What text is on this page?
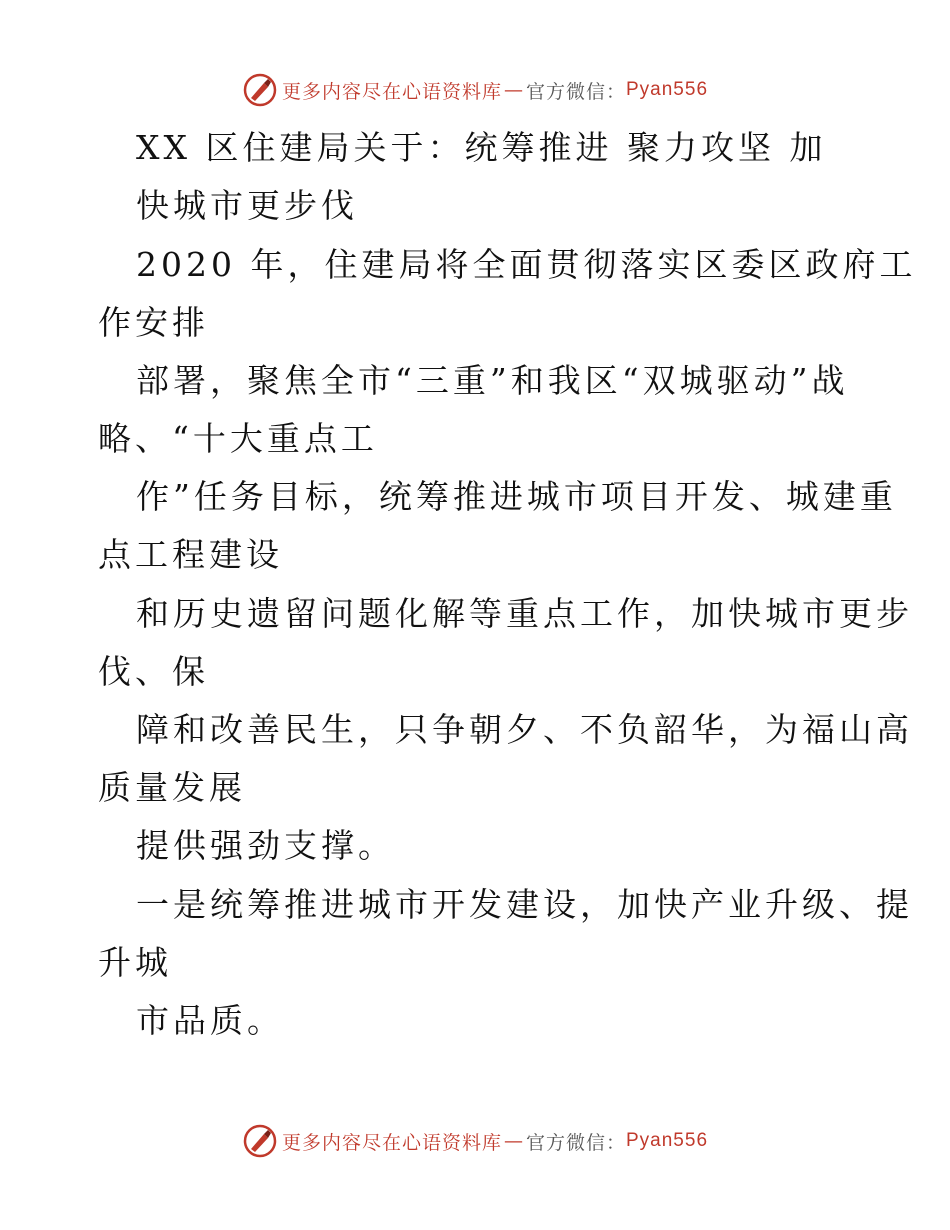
更多内容尽在心语资料库 — 官方微信： Pyan556
XX 区住建局关于：统筹推进 聚力攻坚 加
快城市更步伐
2020 年，住建局将全面贯彻落实区委区政府工
作安排
部署，聚焦全市“三重”和我区“双城驱动”战
略、“十大重点工
作”任务目标，统筹推进城市项目开发、城建重
点工程建设
和历史遗留问题化解等重点工作，加快城市更步
伐、保
障和改善民生，只争朝夕、不负韶华，为福山高
质量发展
提供强劲支撑。
一是统筹推进城市开发建设，加快产业升级、提
升城
市品质。
更多内容尽在心语资料库 — 官方微信： Pyan556
